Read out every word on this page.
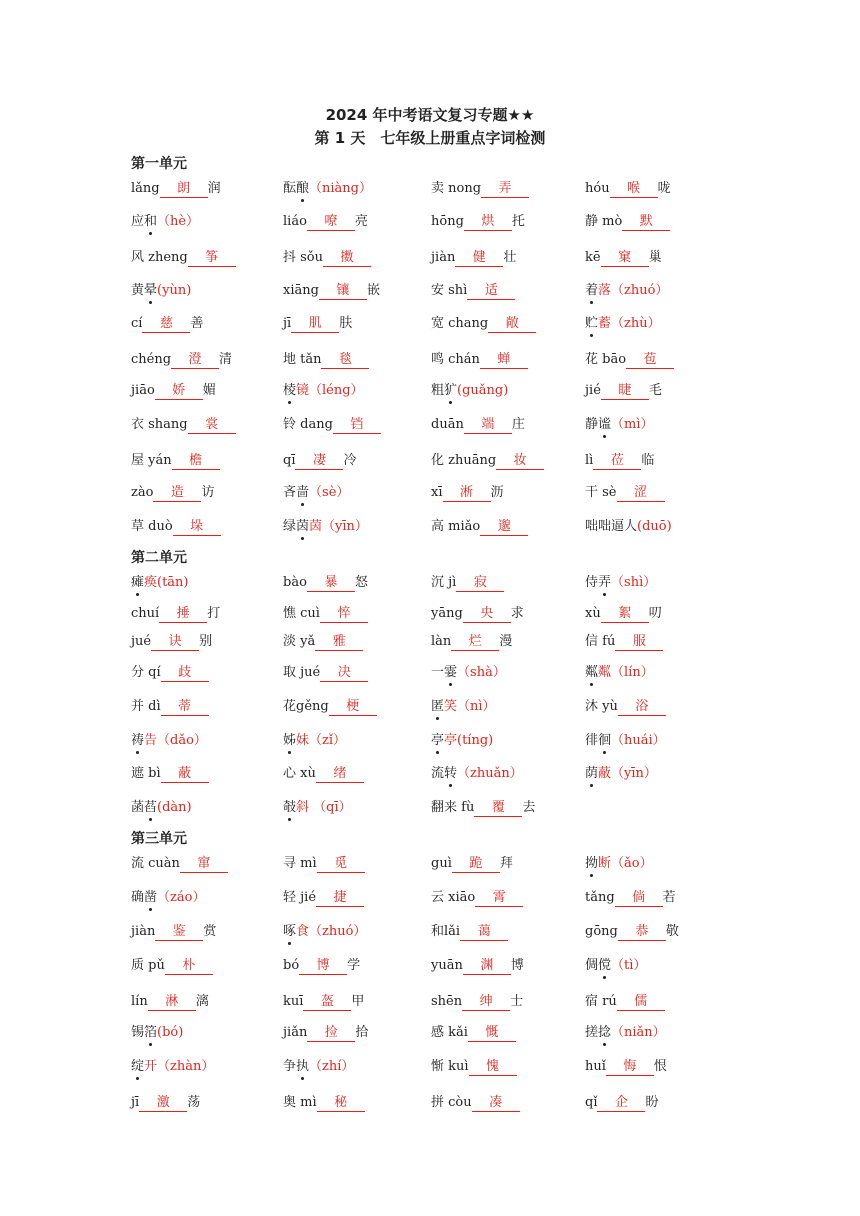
2024 年中考语文复习专题★★
第 1 天　七年级上册重点字词检测
第一单元
lǎng朗 润	酝酿（niàng）	卖 nong 弄	hóu 喉 咙
应和（hè）	liáo 嘹 亮	hōng 烘 托	静 mò 默
风 zheng 筝	抖 sǒu 擞	jiàn 健 壮	kē 窠 巢
黄晕(yùn)	xiāng 镶 嵌	安 shì 适	着落（zhuó）
cí 慈 善	jī 肌 肤	宽 chang 敞	贮蓄（zhù）
chéng 澄 清	地 tǎn 毯	鸣 chán 蝉	花 bāo 苞
jiāo 娇 媚	棱镜（léng）	粗犷(guǎng)	jié 睫 毛
衣 shang 裳	铃 dang 铛	duān 端 庄	静谧（mì）
屋 yán 檐	qī 凄 冷	化 zhuāng 妆	lì 莅 临
zào 造 访	吝啬（sè）	xī 淅 沥	干 sè 涩
草 duò 垛	绿茵茵（yīn）	高 miǎo 邈	咄咄逼人(duō)
第二单元
瘫痪(tān)	bào 暴 怒	沉 jì 寂	侍弄（shì）
chuí 捶 打	憔 cuì 悴	yāng 央 求	xù 絮 叨
jué 诀 别	淡 yǎ 雅	làn 烂 漫	信 fú 服
分 qí 歧	取 jué 决	一霎（shà）	粼粼（lín）
并 dì 蒂	花gěng 梗	匿笑（nì）	沐 yù 浴
祷告（dǎo）	姊妹（zǐ）	亭亭(tíng)	徘徊（huái）
遮 bì 蔽	心 xù 绪	流转（zhuǎn）	荫蔽（yīn）
菡萏(dàn)	攲斜 （qī）	翻来 fù 覆 去
第三单元
流 cuàn 窜	寻 mì 觅	guì 跪 拜	拗断（ǎo）
确凿（záo）	轻 jié 捷	云 xiāo 霄	tǎng 倘 若
jiàn 鉴 赏	啄食（zhuó）	和lǎi 蔼	gōng 恭 敬
质 pǔ 朴	bó 博 学	yuān 渊 博	倜傥（tì）
lín 淋 漓	kuī 盔 甲	shēn 绅 士	宿 rú 儒
锡箔(bó)	jiǎn 捡 拾	感 kǎi 慨	搓捻（niǎn）
绽开（zhàn）	争执（zhí）	惭 kuì 愧	huǐ 悔 恨
jī 激 荡	奥 mì 秘	拼 còu 凑	qǐ 企 盼
